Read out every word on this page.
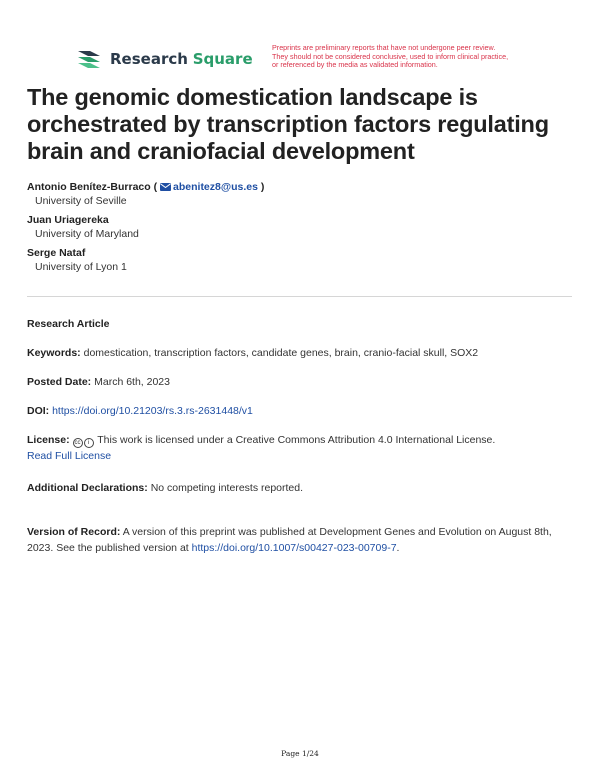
Research Square
Preprints are preliminary reports that have not undergone peer review.
They should not be considered conclusive, used to inform clinical practice,
or referenced by the media as validated information.
The genomic domestication landscape is orchestrated by transcription factors regulating brain and craniofacial development
Antonio Benítez-Burraco ( abenitez8@us.es )
University of Seville
Juan Uriagereka
University of Maryland
Serge Nataf
University of Lyon 1
Research Article
Keywords: domestication, transcription factors, candidate genes, brain, cranio-facial skull, SOX2
Posted Date: March 6th, 2023
DOI: https://doi.org/10.21203/rs.3.rs-2631448/v1
License: cc i This work is licensed under a Creative Commons Attribution 4.0 International License.
Read Full License
Additional Declarations: No competing interests reported.
Version of Record: A version of this preprint was published at Development Genes and Evolution on August 8th, 2023. See the published version at https://doi.org/10.1007/s00427-023-00709-7.
Page 1/24
